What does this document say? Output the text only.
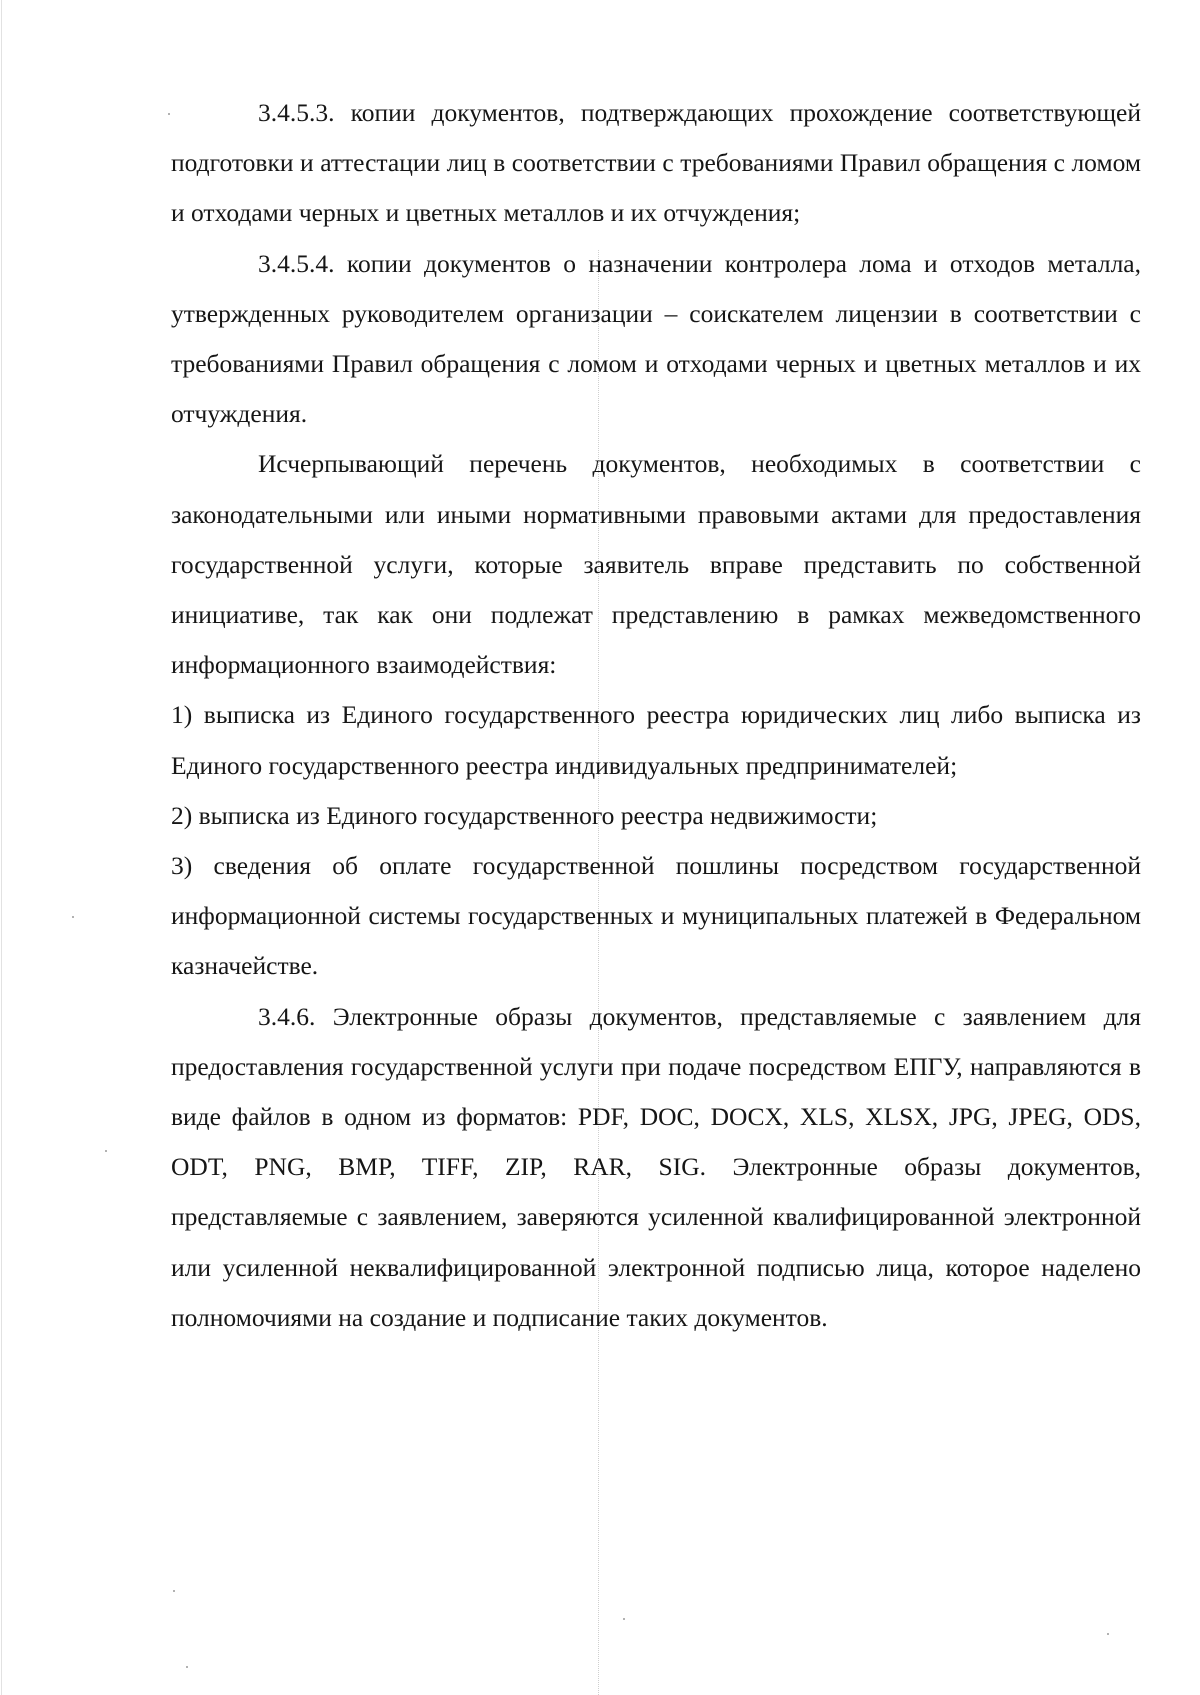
3.4.5.3. копии документов, подтверждающих прохождение соответствующей подготовки и аттестации лиц в соответствии с требованиями Правил обращения с ломом и отходами черных и цветных металлов и их отчуждения;

3.4.5.4. копии документов о назначении контролера лома и отходов металла, утвержденных руководителем организации – соискателем лицензии в соответствии с требованиями Правил обращения с ломом и отходами черных и цветных металлов и их отчуждения.

Исчерпывающий перечень документов, необходимых в соответствии с законодательными или иными нормативными правовыми актами для предоставления государственной услуги, которые заявитель вправе представить по собственной инициативе, так как они подлежат представлению в рамках межведомственного информационного взаимодействия:

1) выписка из Единого государственного реестра юридических лиц либо выписка из Единого государственного реестра индивидуальных предпринимателей;

2) выписка из Единого государственного реестра недвижимости;

3) сведения об оплате государственной пошлины посредством государственной информационной системы государственных и муниципальных платежей в Федеральном казначействе.

3.4.6. Электронные образы документов, представляемые с заявлением для предоставления государственной услуги при подаче посредством ЕПГУ, направляются в виде файлов в одном из форматов: PDF, DOC, DOCX, XLS, XLSX, JPG, JPEG, ODS, ODT, PNG, BMP, TIFF, ZIP, RAR, SIG. Электронные образы документов, представляемые с заявлением, заверяются усиленной квалифицированной электронной или усиленной неквалифицированной электронной подписью лица, которое наделено полномочиями на создание и подписание таких документов.
